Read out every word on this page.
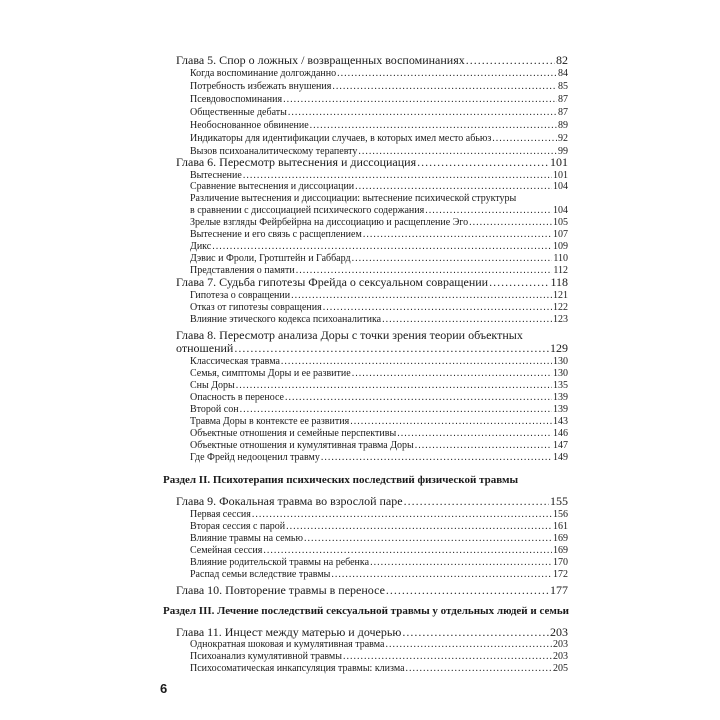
Глава 5. Спор о ложных / возвращенных воспоминаниях .....	82
Когда воспоминание долгожданно .....	84
Потребность избежать внушения .....	85
Псевдовоспоминания .....	87
Общественные дебаты .....	87
Необоснованное обвинение .....	89
Индикаторы для идентификации случаев, в которых имел место абьюз .....	92
Вызов психоаналитическому терапевту .....	99
Глава 6. Пересмотр вытеснения и диссоциация .....	101
Вытеснение .....	101
Сравнение вытеснения и диссоциации .....	104
Различение вытеснения и диссоциации: вытеснение психической структуры
в сравнении с диссоциацией психического содержания .....	104
Зрелые взгляды Фейрбейрна на диссоциацию и расщепление Эго .....	105
Вытеснение и его связь с расщеплением .....	107
Дикс .....	109
Дэвис и Фроли, Гротштейн и Габбард .....	110
Представления о памяти .....	112
Глава 7. Судьба гипотезы Фрейда о сексуальном совращении .....	118
Гипотеза о совращении .....	121
Отказ от гипотезы совращения .....	122
Влияние этического кодекса психоаналитика .....	123
Глава 8. Пересмотр анализа Доры с точки зрения теории объектных
отношений .....	129
Классическая травма .....	130
Семья, симптомы Доры и ее развитие .....	130
Сны Доры .....	135
Опасность в переносе .....	139
Второй сон .....	139
Травма Доры в контексте ее развития .....	143
Объектные отношения и семейные перспективы .....	146
Объектные отношения и кумулятивная травма Доры .....	147
Где Фрейд недооценил травму .....	149
Раздел II. Психотерапия психических последствий физической травмы
Глава 9. Фокальная травма во взрослой паре .....	155
Первая сессия .....	156
Вторая сессия с парой .....	161
Влияние травмы на семью .....	169
Семейная сессия .....	169
Влияние родительской травмы на ребенка .....	170
Распад семьи вследствие травмы .....	172
Глава 10. Повторение травмы в переносе .....	177
Раздел III. Лечение последствий сексуальной травмы у отдельных людей и семьи
Глава 11. Инцест между матерью и дочерью .....	203
Однократная шоковая и кумулятивная травма .....	203
Психоанализ кумулятивной травмы .....	203
Психосоматическая инкапсуляция травмы: клизма .....	205
6
